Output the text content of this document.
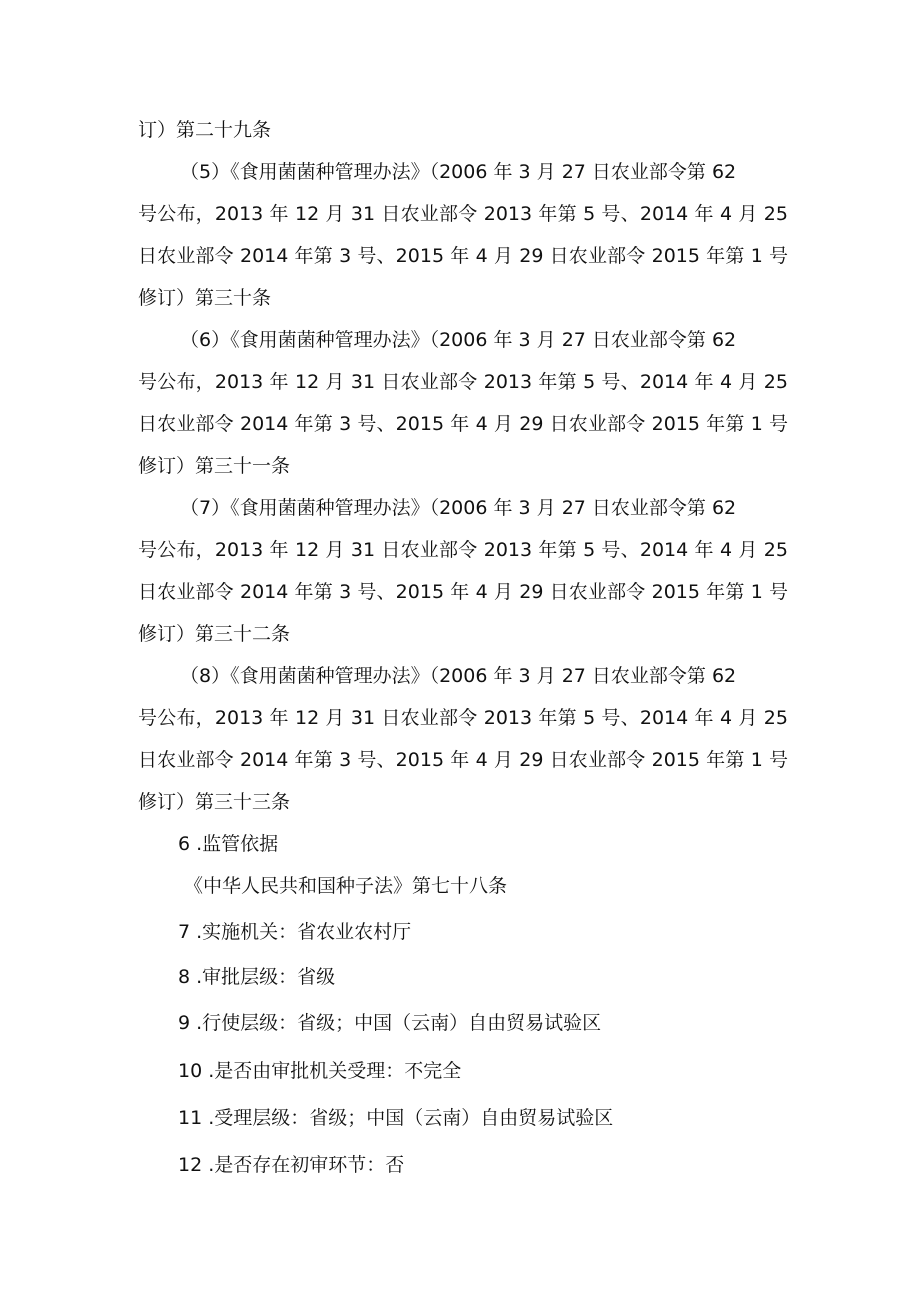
订）第二十九条
（5）《食用菌菌种管理办法》（2006 年 3 月 27 日农业部令第 62
号公布，2013 年 12 月 31 日农业部令 2013 年第 5 号、2014 年 4 月 25
日农业部令 2014 年第 3 号、2015 年 4 月 29 日农业部令 2015 年第 1 号
修订）第三十条
（6）《食用菌菌种管理办法》（2006 年 3 月 27 日农业部令第 62
号公布，2013 年 12 月 31 日农业部令 2013 年第 5 号、2014 年 4 月 25
日农业部令 2014 年第 3 号、2015 年 4 月 29 日农业部令 2015 年第 1 号
修订）第三十一条
（7）《食用菌菌种管理办法》（2006 年 3 月 27 日农业部令第 62
号公布，2013 年 12 月 31 日农业部令 2013 年第 5 号、2014 年 4 月 25
日农业部令 2014 年第 3 号、2015 年 4 月 29 日农业部令 2015 年第 1 号
修订）第三十二条
（8）《食用菌菌种管理办法》（2006 年 3 月 27 日农业部令第 62
号公布，2013 年 12 月 31 日农业部令 2013 年第 5 号、2014 年 4 月 25
日农业部令 2014 年第 3 号、2015 年 4 月 29 日农业部令 2015 年第 1 号
修订）第三十三条
6 .监管依据
《中华人民共和国种子法》第七十八条
7 .实施机关：省农业农村厅
8 .审批层级：省级
9 .行使层级：省级；中国（云南）自由贸易试验区
10 .是否由审批机关受理：不完全
11 .受理层级：省级；中国（云南）自由贸易试验区
12 .是否存在初审环节：否
